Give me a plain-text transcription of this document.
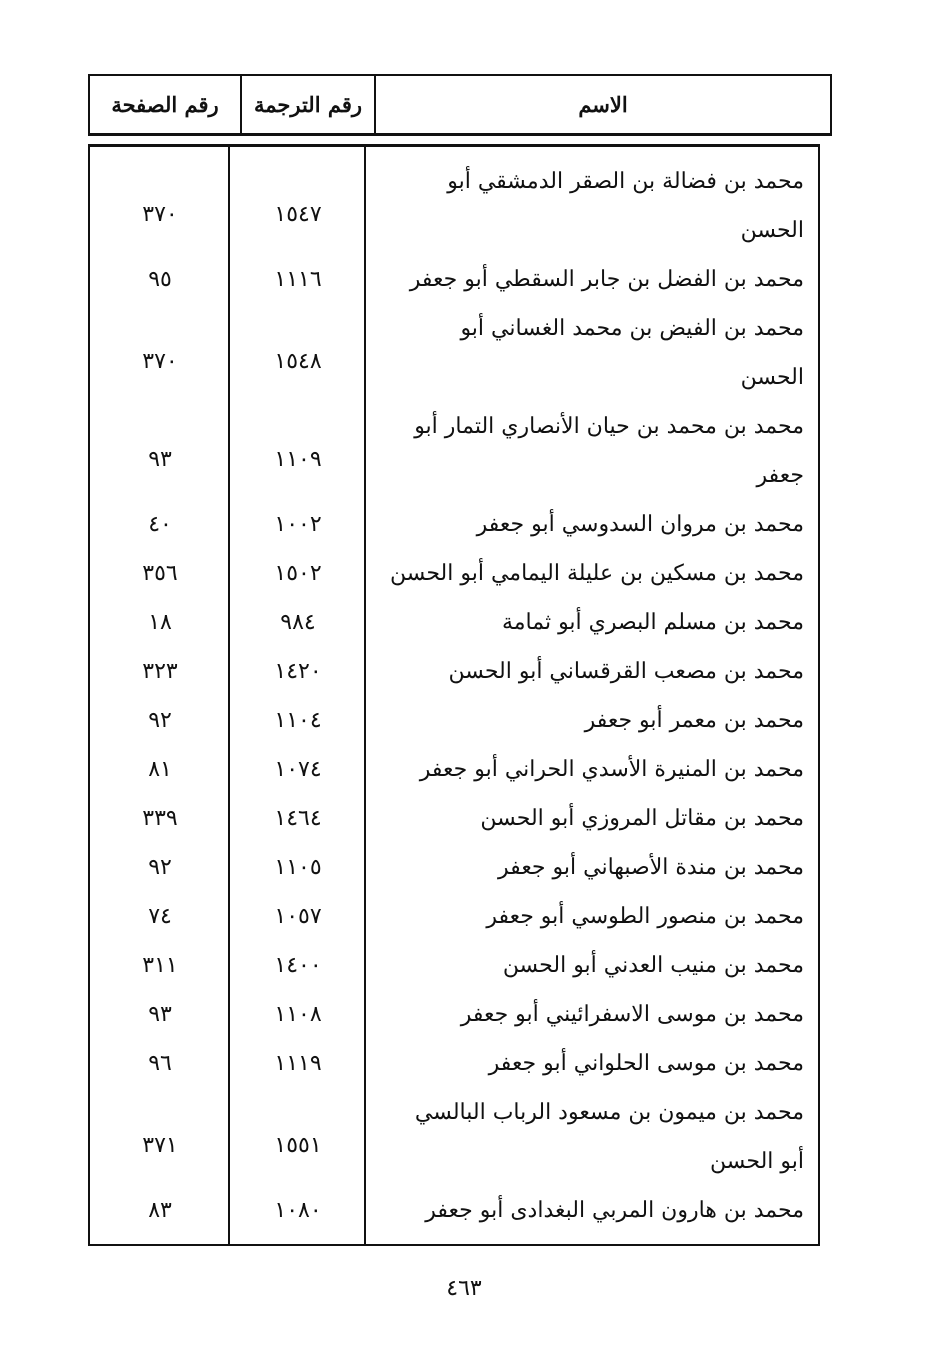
الاسم
رقم الترجمة
رقم الصفحة
محمد بن فضالة بن الصقر الدمشقي أبو
الحسن
١٥٤٧
٣٧٠
محمد بن الفضل بن جابر السقطي أبو جعفر
١١١٦
٩٥
محمد بن الفيض بن محمد الغساني أبو
الحسن
١٥٤٨
٣٧٠
محمد بن محمد بن حيان الأنصاري التمار أبو
جعفر
١١٠٩
٩٣
محمد بن مروان السدوسي أبو جعفر
١٠٠٢
٤٠
محمد بن مسكين بن عليلة اليمامي أبو الحسن
١٥٠٢
٣٥٦
محمد بن مسلم البصري أبو ثمامة
٩٨٤
١٨
محمد بن مصعب القرقساني أبو الحسن
١٤٢٠
٣٢٣
محمد بن معمر أبو جعفر
١١٠٤
٩٢
محمد بن المنيرة الأسدي الحراني أبو جعفر
١٠٧٤
٨١
محمد بن مقاتل المروزي أبو الحسن
١٤٦٤
٣٣٩
محمد بن مندة الأصبهاني أبو جعفر
١١٠٥
٩٢
محمد بن منصور الطوسي أبو جعفر
١٠٥٧
٧٤
محمد بن منيب العدني أبو الحسن
١٤٠٠
٣١١
محمد بن موسى الاسفرائيني أبو جعفر
١١٠٨
٩٣
محمد بن موسى الحلواني أبو جعفر
١١١٩
٩٦
محمد بن ميمون بن مسعود الرباب البالسي
أبو الحسن
١٥٥١
٣٧١
محمد بن هارون المربي البغدادى أبو جعفر
١٠٨٠
٨٣
٤٦٣
